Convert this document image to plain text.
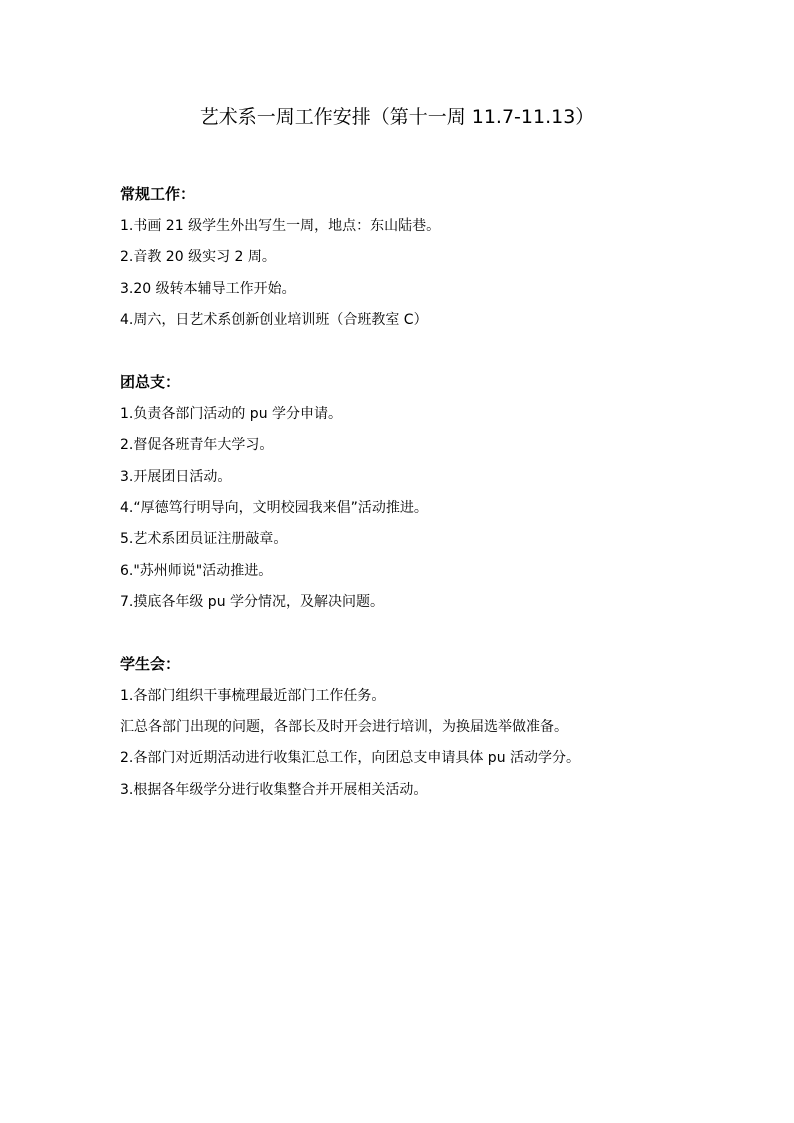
艺术系一周工作安排（第十一周 11.7-11.13）
常规工作：
1.书画 21 级学生外出写生一周，地点：东山陆巷。
2.音教 20 级实习 2 周。
3.20 级转本辅导工作开始。
4.周六，日艺术系创新创业培训班（合班教室 C）
团总支：
1.负责各部门活动的 pu 学分申请。
2.督促各班青年大学习。
3.开展团日活动。
4.“厚德笃行明导向，文明校园我来倡”活动推进。
5.艺术系团员证注册敲章。
6."苏州师说"活动推进。
7.摸底各年级 pu 学分情况，及解决问题。
学生会：
1.各部门组织干事梳理最近部门工作任务。
汇总各部门出现的问题，各部长及时开会进行培训，为换届选举做准备。
2.各部门对近期活动进行收集汇总工作，向团总支申请具体 pu 活动学分。
3.根据各年级学分进行收集整合并开展相关活动。
